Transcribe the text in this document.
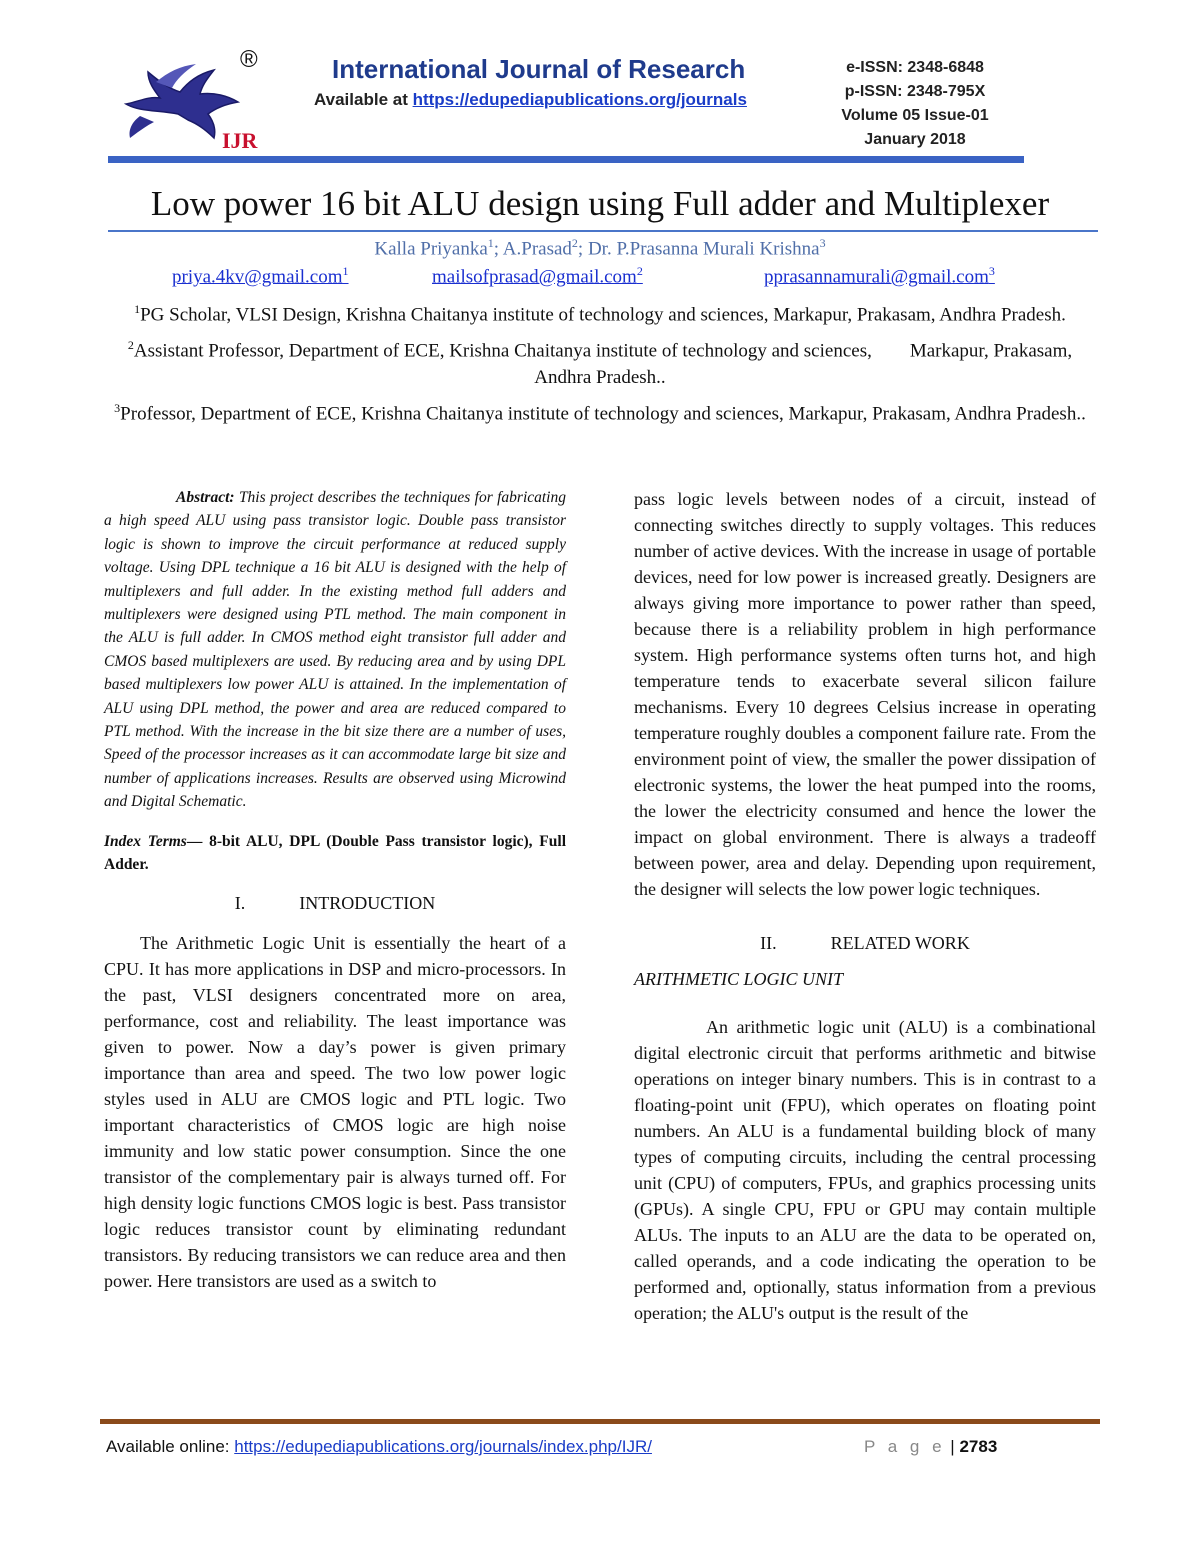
IJR
®	International Journal of Research
Available at https://edupediapublications.org/journals
e-ISSN: 2348-6848
p-ISSN: 2348-795X
Volume 05 Issue-01
January 2018
Low power 16 bit ALU design using Full adder and Multiplexer
Kalla Priyanka$^1$; A.Prasad$^2$; Dr. P.Prasanna Murali Krishna$^3$
priya.4kv@gmail.com$^1$	mailsofprasad@gmail.com$^2$	pprasannamurali@gmail.com$^3$

$^1$PG Scholar, VLSI Design, Krishna Chaitanya institute of technology and sciences, Markapur, Prakasam, Andhra Pradesh.

$^2$Assistant Professor, Department of ECE, Krishna Chaitanya institute of technology and sciences,        Markapur, Prakasam, Andhra Pradesh..

$^3$Professor, Department of ECE, Krishna Chaitanya institute of technology and sciences, Markapur, Prakasam, Andhra Pradesh..

Abstract: This project describes the techniques for fabricating a high speed ALU using pass transistor logic. Double pass transistor logic is shown to improve the circuit performance at reduced supply voltage. Using DPL technique a 16 bit ALU is designed with the help of multiplexers and full adder. In the existing method full adders and multiplexers were designed using PTL method. The main component in the ALU is full adder. In CMOS method eight transistor full adder and CMOS based multiplexers are used. By reducing area and by using DPL based multiplexers low power ALU is attained. In the implementation of ALU using DPL method, the power and area are reduced compared to PTL method. With the increase in the bit size there are a number of uses, Speed of the processor increases as it can accommodate large bit size and number of applications increases. Results are observed using Microwind and Digital Schematic.

Index Terms— 8-bit ALU, DPL (Double Pass transistor logic), Full Adder.

I.	INTRODUCTION

The Arithmetic Logic Unit is essentially the heart of a CPU. It has more applications in DSP and micro-processors. In the past, VLSI designers concentrated more on area, performance, cost and reliability. The least importance was given to power. Now a day’s power is given primary importance than area and speed. The two low power logic styles used in ALU are CMOS logic and PTL logic. Two important characteristics of CMOS logic are high noise immunity and low static power consumption. Since the one transistor of the complementary pair is always turned off. For high density logic functions CMOS logic is best. Pass transistor logic reduces transistor count by eliminating redundant transistors. By reducing transistors we can reduce area and then power. Here transistors are used as a switch to

pass logic levels between nodes of a circuit, instead of connecting switches directly to supply voltages. This reduces number of active devices. With the increase in usage of portable devices, need for low power is increased greatly. Designers are always giving more importance to power rather than speed, because there is a reliability problem in high performance system. High performance systems often turns hot, and high temperature tends to exacerbate several silicon failure mechanisms. Every 10 degrees Celsius increase in operating temperature roughly doubles a component failure rate. From the environment point of view, the smaller the power dissipation of electronic systems, the lower the heat pumped into the rooms, the lower the electricity consumed and hence the lower the impact on global environment. There is always a tradeoff between power, area and delay. Depending upon requirement, the designer will selects the low power logic techniques.

II.	RELATED WORK

ARITHMETIC LOGIC UNIT

An arithmetic logic unit (ALU) is a combinational digital electronic circuit that performs arithmetic and bitwise operations on integer binary numbers. This is in contrast to a floating-point unit (FPU), which operates on floating point numbers. An ALU is a fundamental building block of many types of computing circuits, including the central processing unit (CPU) of computers, FPUs, and graphics processing units (GPUs). A single CPU, FPU or GPU may contain multiple ALUs. The inputs to an ALU are the data to be operated on, called operands, and a code indicating the operation to be performed and, optionally, status information from a previous operation; the ALU's output is the result of the

Available online: https://edupediapublications.org/journals/index.php/IJR/	P a g e | 2783
